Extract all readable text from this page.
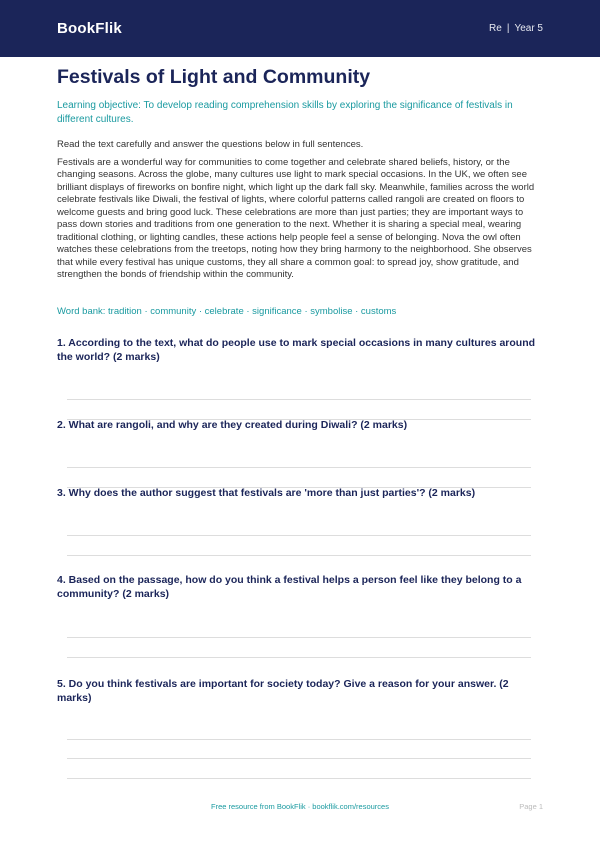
BookFlik	Re | Year 5
Festivals of Light and Community
Learning objective: To develop reading comprehension skills by exploring the significance of festivals in different cultures.
Read the text carefully and answer the questions below in full sentences.
Festivals are a wonderful way for communities to come together and celebrate shared beliefs, history, or the changing seasons. Across the globe, many cultures use light to mark special occasions. In the UK, we often see brilliant displays of fireworks on bonfire night, which light up the dark fall sky. Meanwhile, families across the world celebrate festivals like Diwali, the festival of lights, where colorful patterns called rangoli are created on floors to welcome guests and bring good luck. These celebrations are more than just parties; they are important ways to pass down stories and traditions from one generation to the next. Whether it is sharing a special meal, wearing traditional clothing, or lighting candles, these actions help people feel a sense of belonging. Nova the owl often watches these celebrations from the treetops, noting how they bring harmony to the neighborhood. She observes that while every festival has unique customs, they all share a common goal: to spread joy, show gratitude, and strengthen the bonds of friendship within the community.
Word bank: tradition · community · celebrate · significance · symbolise · customs
1. According to the text, what do people use to mark special occasions in many cultures around the world? (2 marks)
2. What are rangoli, and why are they created during Diwali? (2 marks)
3. Why does the author suggest that festivals are 'more than just parties'? (2 marks)
4. Based on the passage, how do you think a festival helps a person feel like they belong to a community? (2 marks)
5. Do you think festivals are important for society today? Give a reason for your answer. (2 marks)
Free resource from BookFlik · bookflik.com/resources	Page 1
